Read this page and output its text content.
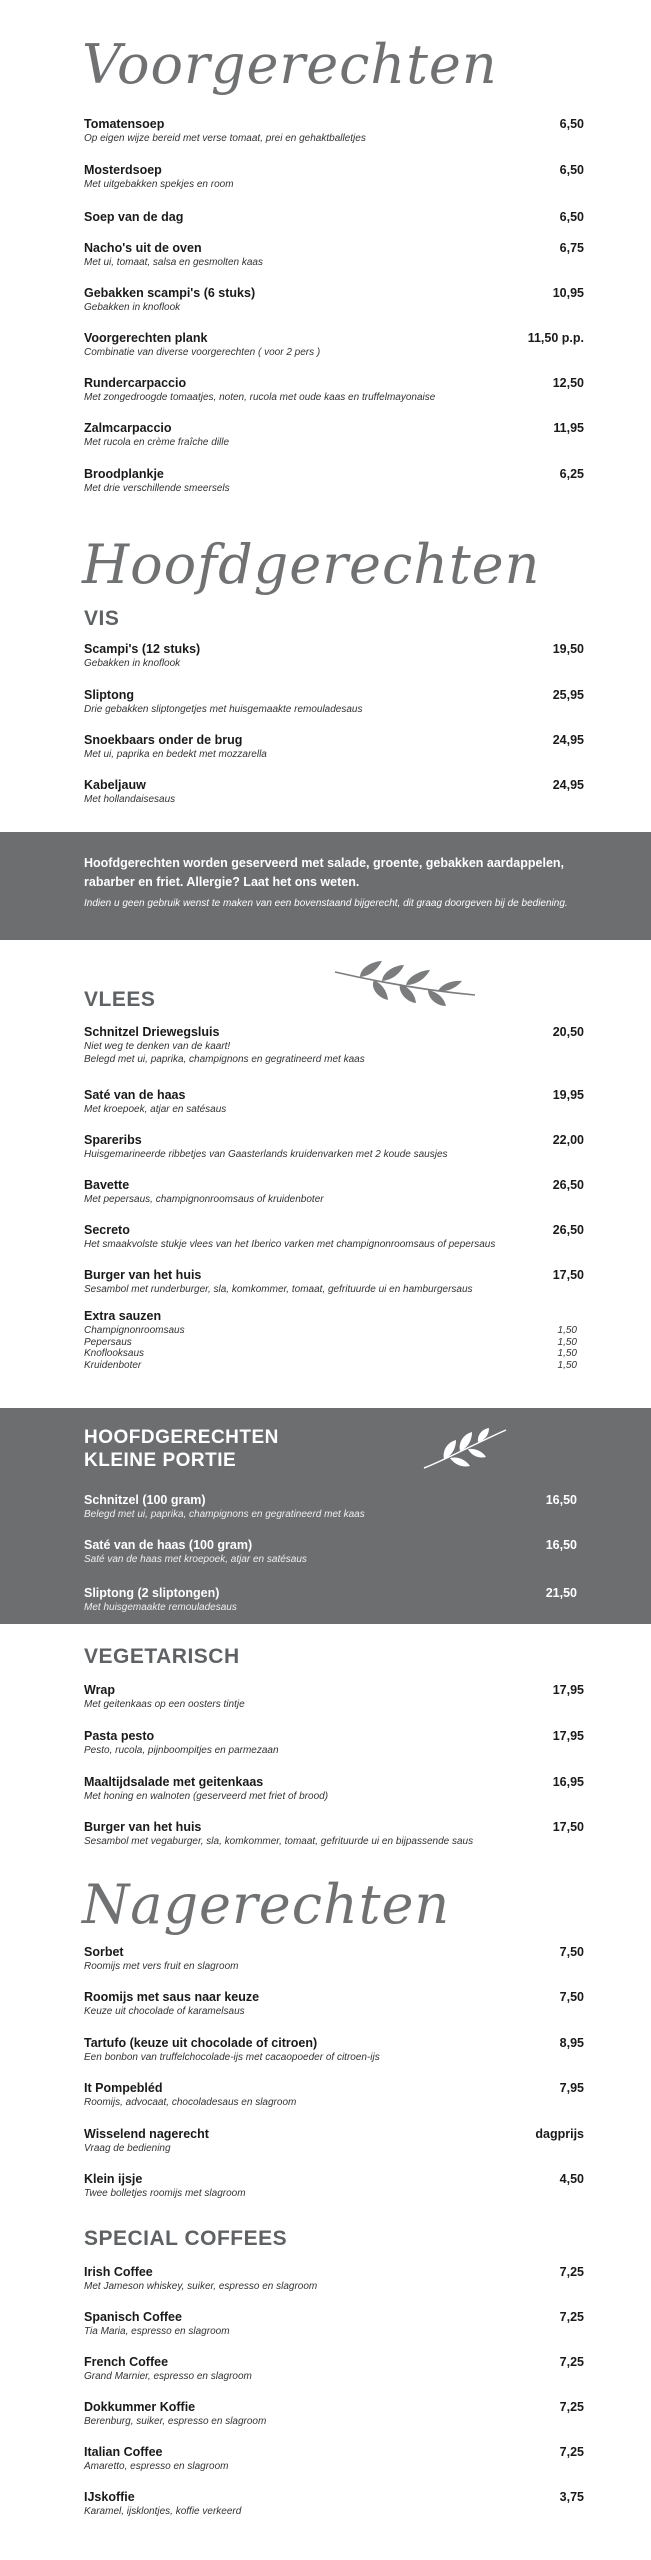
Voorgerechten
Tomatensoep	6,50
Op eigen wijze bereid met verse tomaat, prei en gehaktballetjes
Mosterdsoep	6,50
Met uitgebakken spekjes en room
Soep van de dag	6,50
Nacho's uit de oven	6,75
Met ui, tomaat, salsa en gesmolten kaas
Gebakken scampi's (6 stuks)	10,95
Gebakken in knoflook
Voorgerechten plank	11,50 p.p.
Combinatie van diverse voorgerechten ( voor 2 pers )
Rundercarpaccio	12,50
Met zongedroogde tomaatjes, noten, rucola met oude kaas en truffelmayonaise
Zalmcarpaccio	11,95
Met rucola en crème fraîche dille
Broodplankje	6,25
Met drie verschillende smeersels
Hoofdgerechten
VIS
Scampi's (12 stuks)	19,50
Gebakken in knoflook
Sliptong	25,95
Drie gebakken sliptongetjes met huisgemaakte remouladesaus
Snoekbaars onder de brug	24,95
Met ui, paprika en bedekt met mozzarella
Kabeljauw	24,95
Met hollandaisesaus
Hoofdgerechten worden geserveerd met salade, groente, gebakken aardappelen,
rabarber en friet. Allergie? Laat het ons weten.
Indien u geen gebruik wenst te maken van een bovenstaand bijgerecht, dit graag doorgeven bij de bediening.
VLEES
Schnitzel Driewegsluis	20,50
Niet weg te denken van de kaart!
Belegd met ui, paprika, champignons en gegratineerd met kaas
Saté van de haas	19,95
Met kroepoek, atjar en satésaus
Spareribs	22,00
Huisgemarineerde ribbetjes van Gaasterlands kruidenvarken met 2 koude sausjes
Bavette	26,50
Met pepersaus, champignonroomsaus of kruidenboter
Secreto	26,50
Het smaakvolste stukje vlees van het Iberico varken met champignonroomsaus of pepersaus
Burger van het huis	17,50
Sesambol met runderburger, sla, komkommer, tomaat, gefrituurde ui en hamburgersaus
Extra sauzen
Champignonroomsaus	1,50
Pepersaus	1,50
Knoflooksaus	1,50
Kruidenboter	1,50
HOOFDGERECHTEN
KLEINE PORTIE
Schnitzel (100 gram)	16,50
Belegd met ui, paprika, champignons en gegratineerd met kaas
Saté van de haas (100 gram)	16,50
Saté van de haas met kroepoek, atjar en satésaus
Sliptong (2 sliptongen)	21,50
Met huisgemaakte remouladesaus
VEGETARISCH
Wrap	17,95
Met geitenkaas op een oosters tintje
Pasta pesto	17,95
Pesto, rucola, pijnboompitjes en parmezaan
Maaltijdsalade met geitenkaas	16,95
Met honing en walnoten (geserveerd met friet of brood)
Burger van het huis	17,50
Sesambol met vegaburger, sla, komkommer, tomaat, gefrituurde ui en bijpassende saus
Nagerechten
Sorbet	7,50
Roomijs met vers fruit en slagroom
Roomijs met saus naar keuze	7,50
Keuze uit chocolade of karamelsaus
Tartufo (keuze uit chocolade of citroen)	8,95
Een bonbon van truffelchocolade-ijs met cacaopoeder of citroen-ijs
It Pompebléd	7,95
Roomijs, advocaat, chocoladesaus en slagroom
Wisselend nagerecht	dagprijs
Vraag de bediening
Klein ijsje	4,50
Twee bolletjes roomijs met slagroom
SPECIAL COFFEES
Irish Coffee	7,25
Met Jameson whiskey, suiker, espresso en slagroom
Spanisch Coffee	7,25
Tia Maria, espresso en slagroom
French Coffee	7,25
Grand Marnier, espresso en slagroom
Dokkummer Koffie	7,25
Berenburg, suiker, espresso en slagroom
Italian Coffee	7,25
Amaretto, espresso en slagroom
IJskoffie	3,75
Karamel, ijsklontjes, koffie verkeerd
